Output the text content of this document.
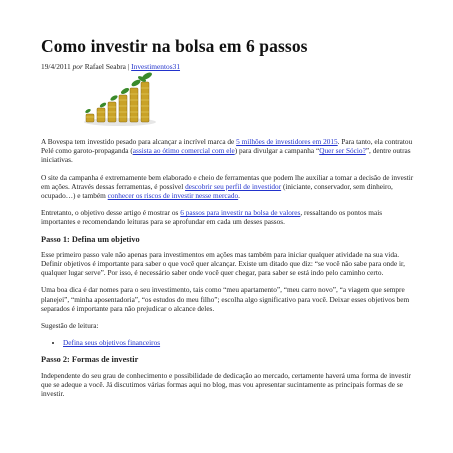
Como investir na bolsa em 6 passos
19/4/2011 por Rafael Seabra | Investimentos31

A Bovespa tem investido pesado para alcançar a incrível marca de 5 milhões de investidores em 2015. Para tanto, ela contratou Pelé como garoto-propaganda (assista ao ótimo comercial com ele) para divulgar a campanha “Quer ser Sócio?”, dentre outras iniciativas.

O site da campanha é extremamente bem elaborado e cheio de ferramentas que podem lhe auxiliar a tomar a decisão de investir em ações. Através dessas ferramentas, é possível descobrir seu perfil de investidor (iniciante, conservador, sem dinheiro, ocupado…) e também conhecer os riscos de investir nesse mercado.

Entretanto, o objetivo desse artigo é mostrar os 6 passos para investir na bolsa de valores, ressaltando os pontos mais importantes e recomendando leituras para se aprofundar em cada um desses passos.

Passo 1: Defina um objetivo

Esse primeiro passo vale não apenas para investimentos em ações mas também para iniciar qualquer atividade na sua vida. Definir objetivos é importante para saber o que você quer alcançar. Existe um ditado que diz: “se você não sabe para onde ir, qualquer lugar serve”. Por isso, é necessário saber onde você quer chegar, para saber se está indo pelo caminho certo.

Uma boa dica é dar nomes para o seu investimento, tais como “meu apartamento”, “meu carro novo”, “a viagem que sempre planejei”, “minha aposentadoria”, “os estudos do meu filho”; escolha algo significativo para você. Deixar esses objetivos bem separados é importante para não prejudicar o alcance deles.

Sugestão de leitura:

• Defina seus objetivos financeiros
Passo 2: Formas de investir

Independente do seu grau de conhecimento e possibilidade de dedicação ao mercado, certamente haverá uma forma de investir que se adeque a você. Já discutimos várias formas aqui no blog, mas vou apresentar sucintamente as principais formas de se investir.
